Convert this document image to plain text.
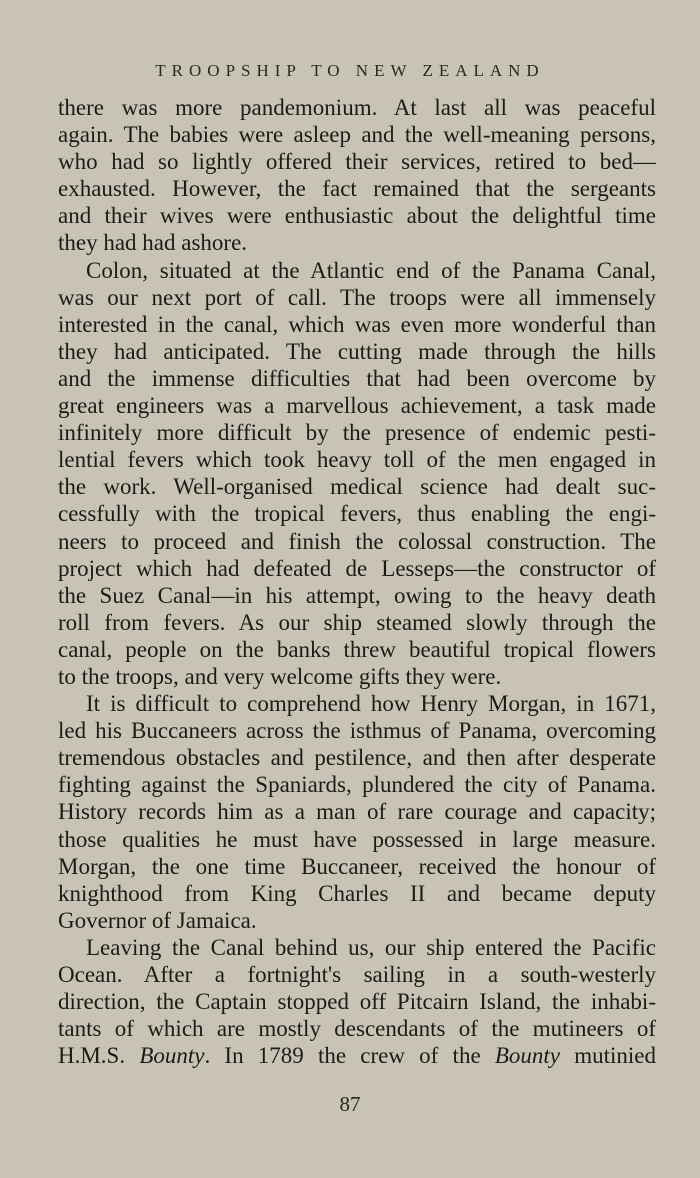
TROOPSHIP TO NEW ZEALAND
there was more pandemonium. At last all was peaceful
again. The babies were asleep and the well-meaning persons,
who had so lightly offered their services, retired to bed—
exhausted. However, the fact remained that the sergeants
and their wives were enthusiastic about the delightful time
they had had ashore.
Colon, situated at the Atlantic end of the Panama Canal,
was our next port of call. The troops were all immensely
interested in the canal, which was even more wonderful than
they had anticipated. The cutting made through the hills
and the immense difficulties that had been overcome by
great engineers was a marvellous achievement, a task made
infinitely more difficult by the presence of endemic pesti-
lential fevers which took heavy toll of the men engaged in
the work. Well-organised medical science had dealt suc-
cessfully with the tropical fevers, thus enabling the engi-
neers to proceed and finish the colossal construction. The
project which had defeated de Lesseps—the constructor of
the Suez Canal—in his attempt, owing to the heavy death
roll from fevers. As our ship steamed slowly through the
canal, people on the banks threw beautiful tropical flowers
to the troops, and very welcome gifts they were.
It is difficult to comprehend how Henry Morgan, in 1671,
led his Buccaneers across the isthmus of Panama, overcoming
tremendous obstacles and pestilence, and then after desperate
fighting against the Spaniards, plundered the city of Panama.
History records him as a man of rare courage and capacity;
those qualities he must have possessed in large measure.
Morgan, the one time Buccaneer, received the honour of
knighthood from King Charles II and became deputy
Governor of Jamaica.
Leaving the Canal behind us, our ship entered the Pacific
Ocean. After a fortnight's sailing in a south-westerly
direction, the Captain stopped off Pitcairn Island, the inhabi-
tants of which are mostly descendants of the mutineers of
H.M.S. Bounty. In 1789 the crew of the Bounty mutinied
87
